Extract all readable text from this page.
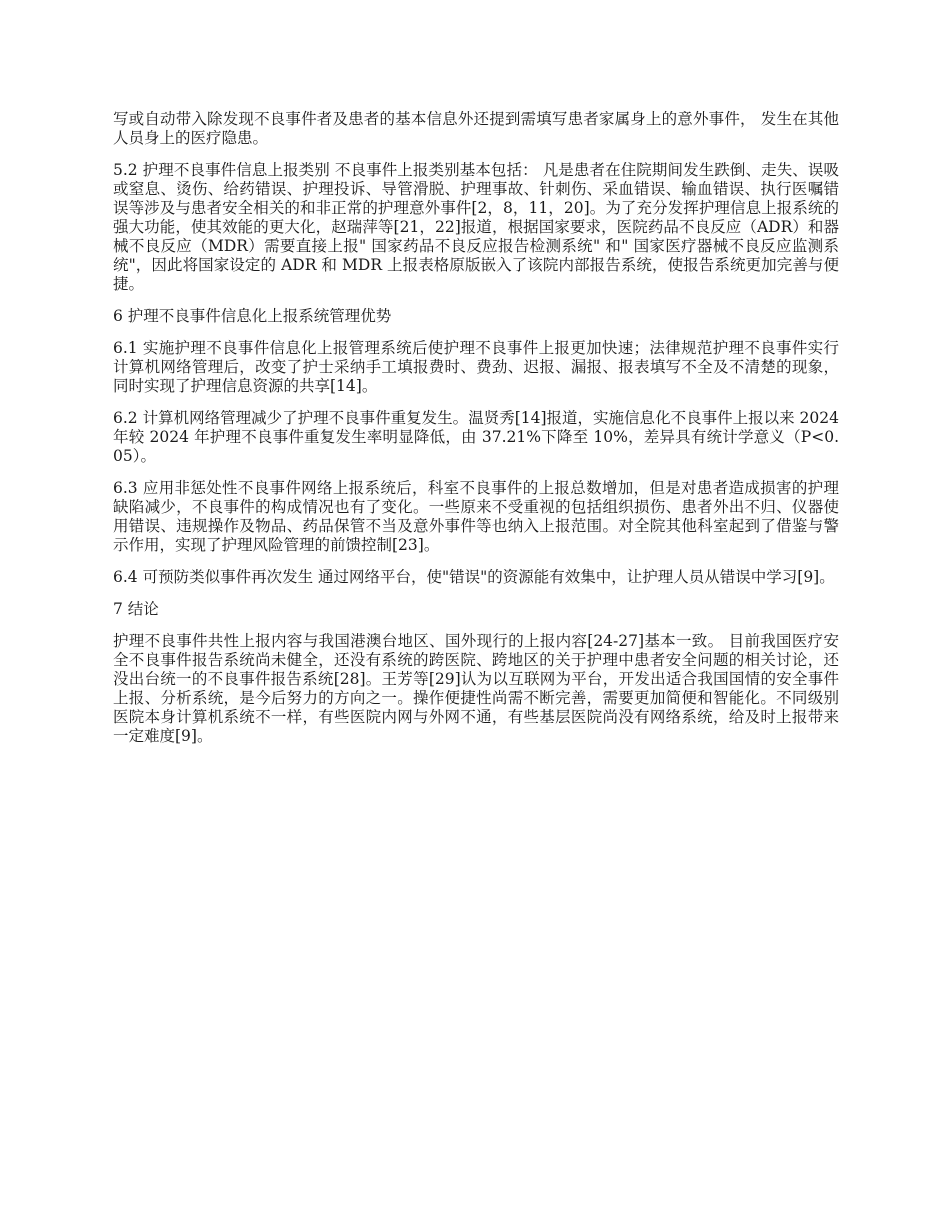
写或自动带入除发现不良事件者及患者的基本信息外还提到需填写患者家属身上的意外事件， 发生在其他人员身上的医疗隐患。

5.2 护理不良事件信息上报类别 不良事件上报类别基本包括： 凡是患者在住院期间发生跌倒、走失、误吸或窒息、烫伤、给药错误、护理投诉、导管滑脱、护理事故、针刺伤、采血错误、输血错误、执行医嘱错误等涉及与患者安全相关的和非正常的护理意外事件[2，8，11，20]。为了充分发挥护理信息上报系统的强大功能，使其效能的更大化，赵瑞萍等[21，22]报道，根据国家要求，医院药品不良反应（ADR）和器械不良反应（MDR）需要直接上报" 国家药品不良反应报告检测系统" 和" 国家医疗器械不良反应监测系统"，因此将国家设定的 ADR 和 MDR 上报表格原版嵌入了该院内部报告系统，使报告系统更加完善与便捷。

6 护理不良事件信息化上报系统管理优势

6.1 实施护理不良事件信息化上报管理系统后使护理不良事件上报更加快速；法律规范护理不良事件实行计算机网络管理后，改变了护士采纳手工填报费时、费劲、迟报、漏报、报表填写不全及不清楚的现象，同时实现了护理信息资源的共享[14]。

6.2 计算机网络管理减少了护理不良事件重复发生。温贤秀[14]报道，实施信息化不良事件上报以来 2024 年较 2024 年护理不良事件重复发生率明显降低，由 37.21%下降至 10%，差异具有统计学意义（P<0.05）。

6.3 应用非惩处性不良事件网络上报系统后，科室不良事件的上报总数增加，但是对患者造成损害的护理缺陷减少，不良事件的构成情况也有了变化。一些原来不受重视的包括组织损伤、患者外出不归、仪器使用错误、违规操作及物品、药品保管不当及意外事件等也纳入上报范围。对全院其他科室起到了借鉴与警示作用，实现了护理风险管理的前馈控制[23]。

6.4 可预防类似事件再次发生 通过网络平台，使"错误"的资源能有效集中，让护理人员从错误中学习[9]。

7 结论

护理不良事件共性上报内容与我国港澳台地区、国外现行的上报内容[24-27]基本一致。 目前我国医疗安全不良事件报告系统尚未健全，还没有系统的跨医院、跨地区的关于护理中患者安全问题的相关讨论，还没出台统一的不良事件报告系统[28]。王芳等[29]认为以互联网为平台，开发出适合我国国情的安全事件上报、分析系统，是今后努力的方向之一。操作便捷性尚需不断完善，需要更加简便和智能化。不同级别医院本身计算机系统不一样，有些医院内网与外网不通，有些基层医院尚没有网络系统，给及时上报带来一定难度[9]。
